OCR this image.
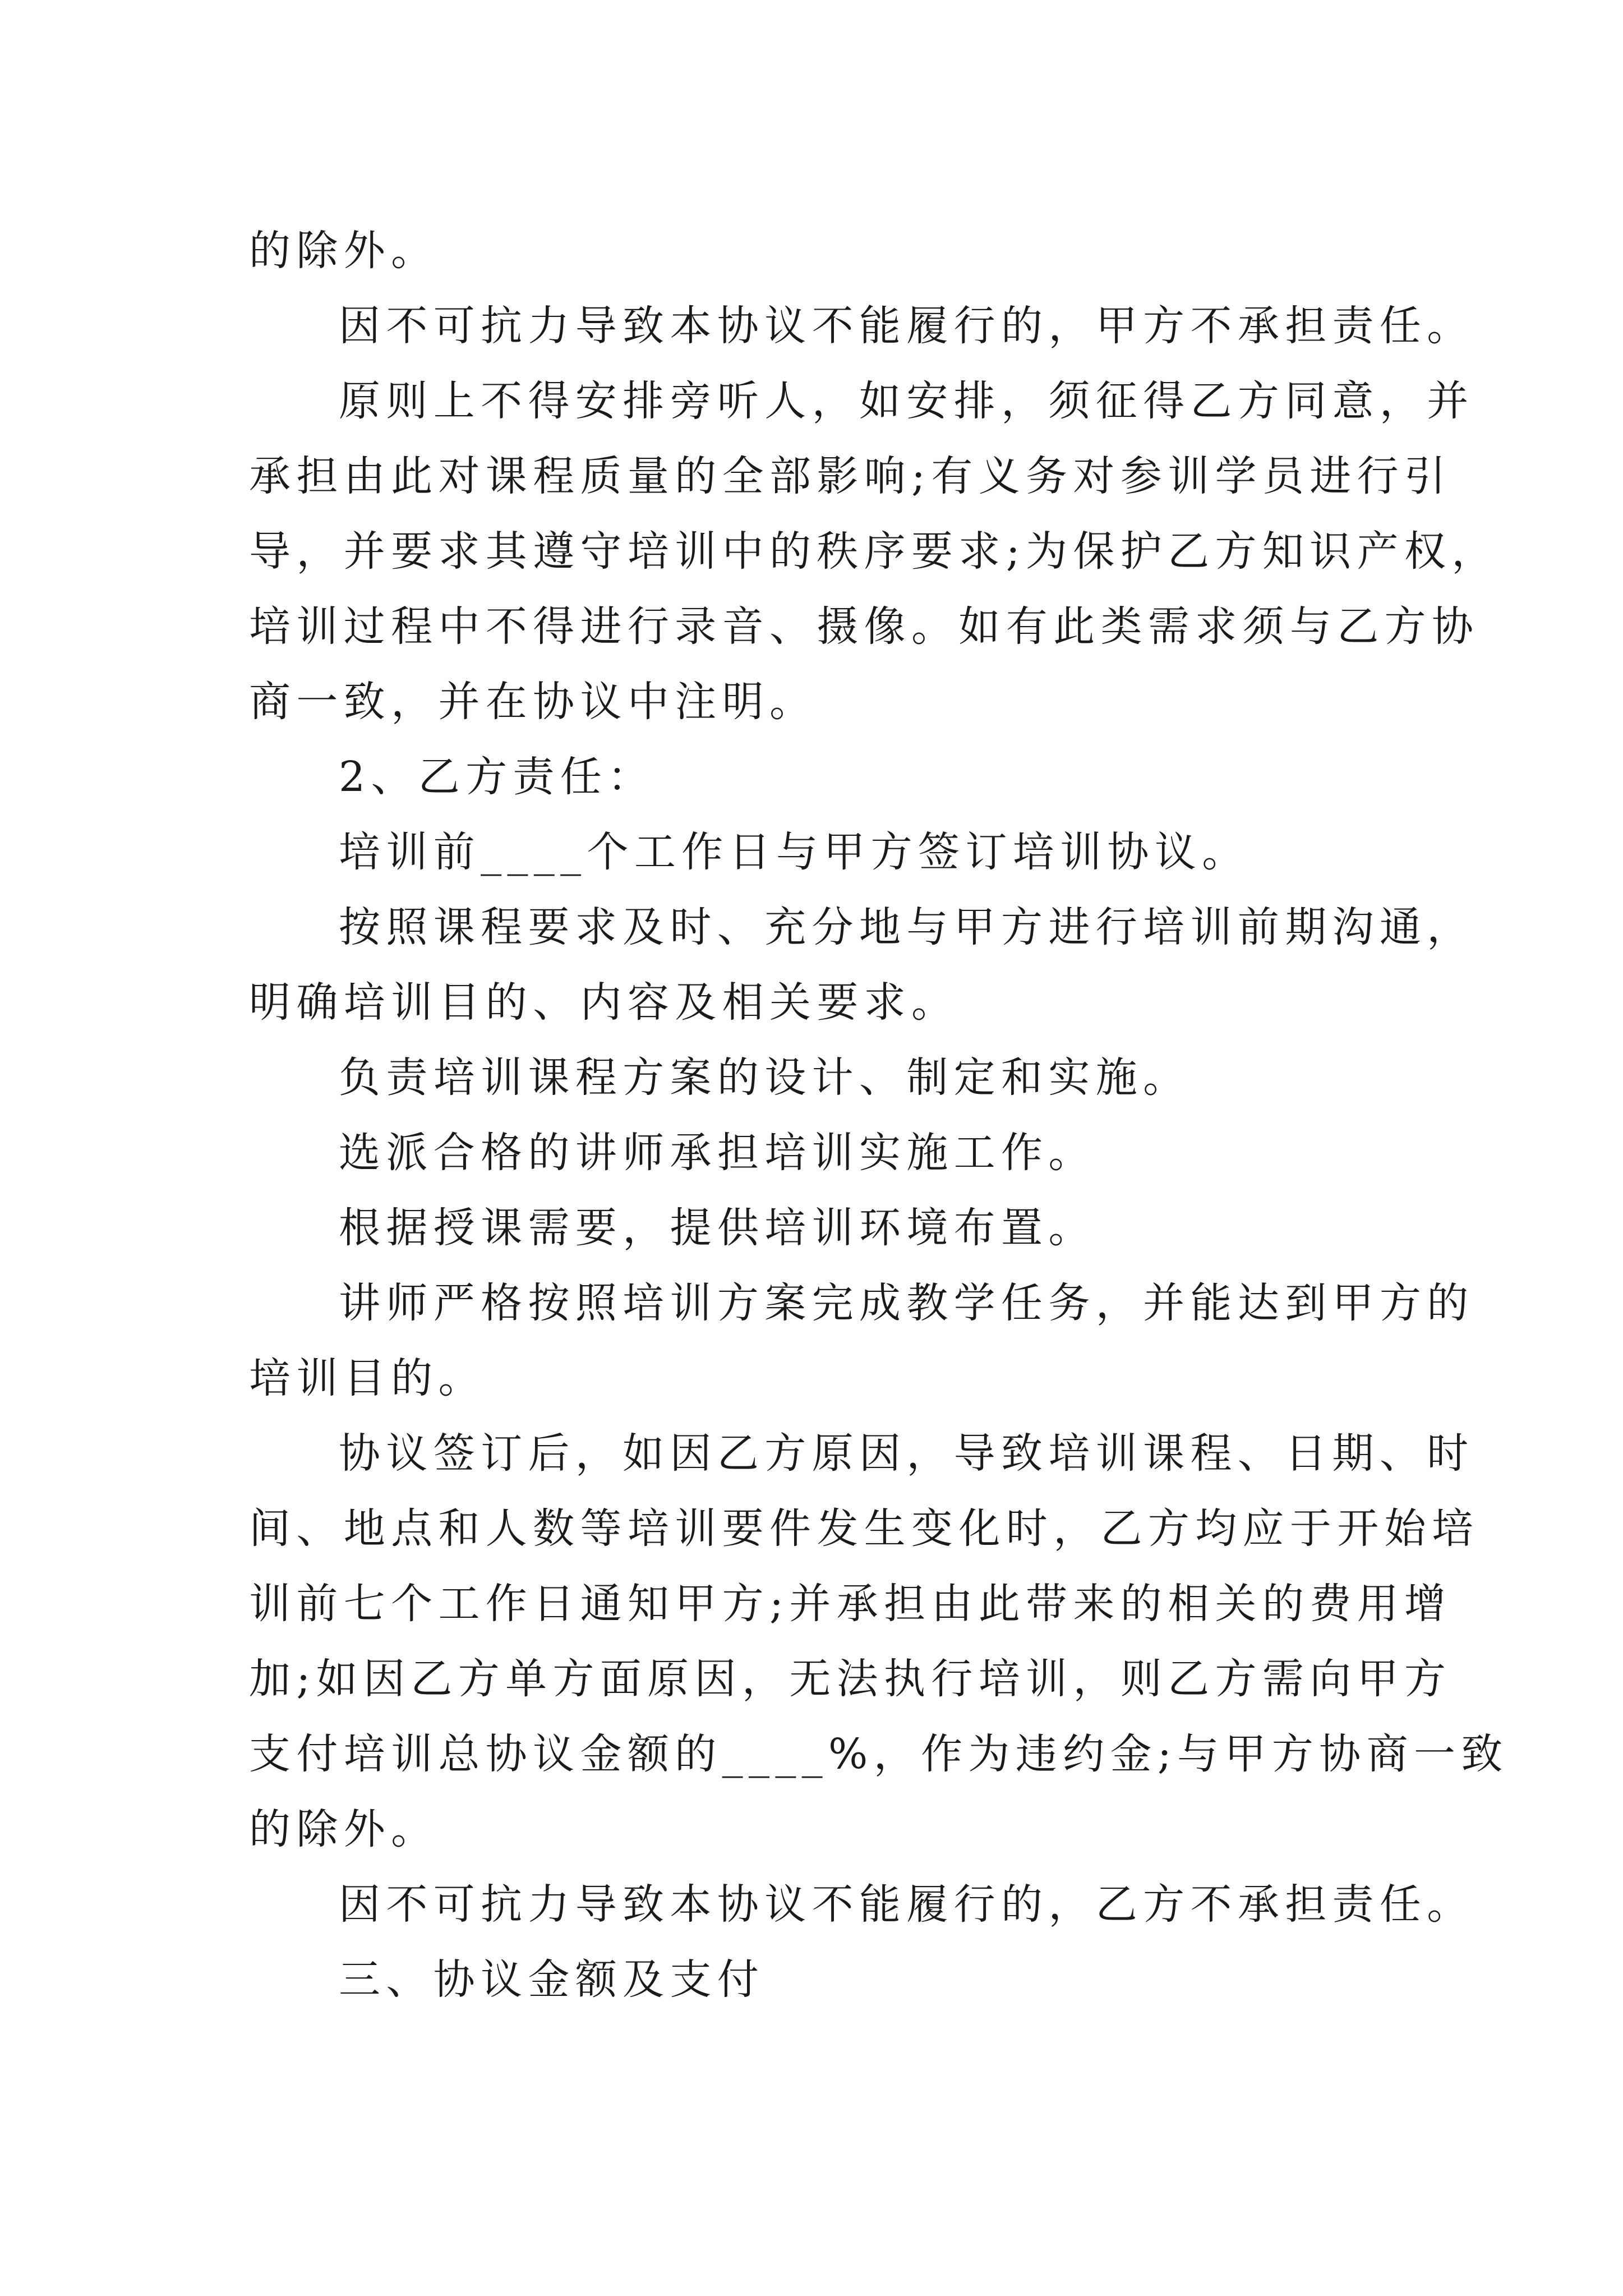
的除外。

因不可抗力导致本协议不能履行的，甲方不承担责任。

原则上不得安排旁听人，如安排，须征得乙方同意，并

承担由此对课程质量的全部影响;有义务对参训学员进行引

导，并要求其遵守培训中的秩序要求;为保护乙方知识产权，

培训过程中不得进行录音、摄像。如有此类需求须与乙方协

商一致，并在协议中注明。

2、乙方责任：

培训前____个工作日与甲方签订培训协议。

按照课程要求及时、充分地与甲方进行培训前期沟通，

明确培训目的、内容及相关要求。

负责培训课程方案的设计、制定和实施。

选派合格的讲师承担培训实施工作。

根据授课需要，提供培训环境布置。

讲师严格按照培训方案完成教学任务，并能达到甲方的

培训目的。

协议签订后，如因乙方原因，导致培训课程、日期、时

间、地点和人数等培训要件发生变化时，乙方均应于开始培

训前七个工作日通知甲方;并承担由此带来的相关的费用增

加;如因乙方单方面原因，无法执行培训，则乙方需向甲方

支付培训总协议金额的____%，作为违约金;与甲方协商一致

的除外。

因不可抗力导致本协议不能履行的，乙方不承担责任。

三、协议金额及支付
